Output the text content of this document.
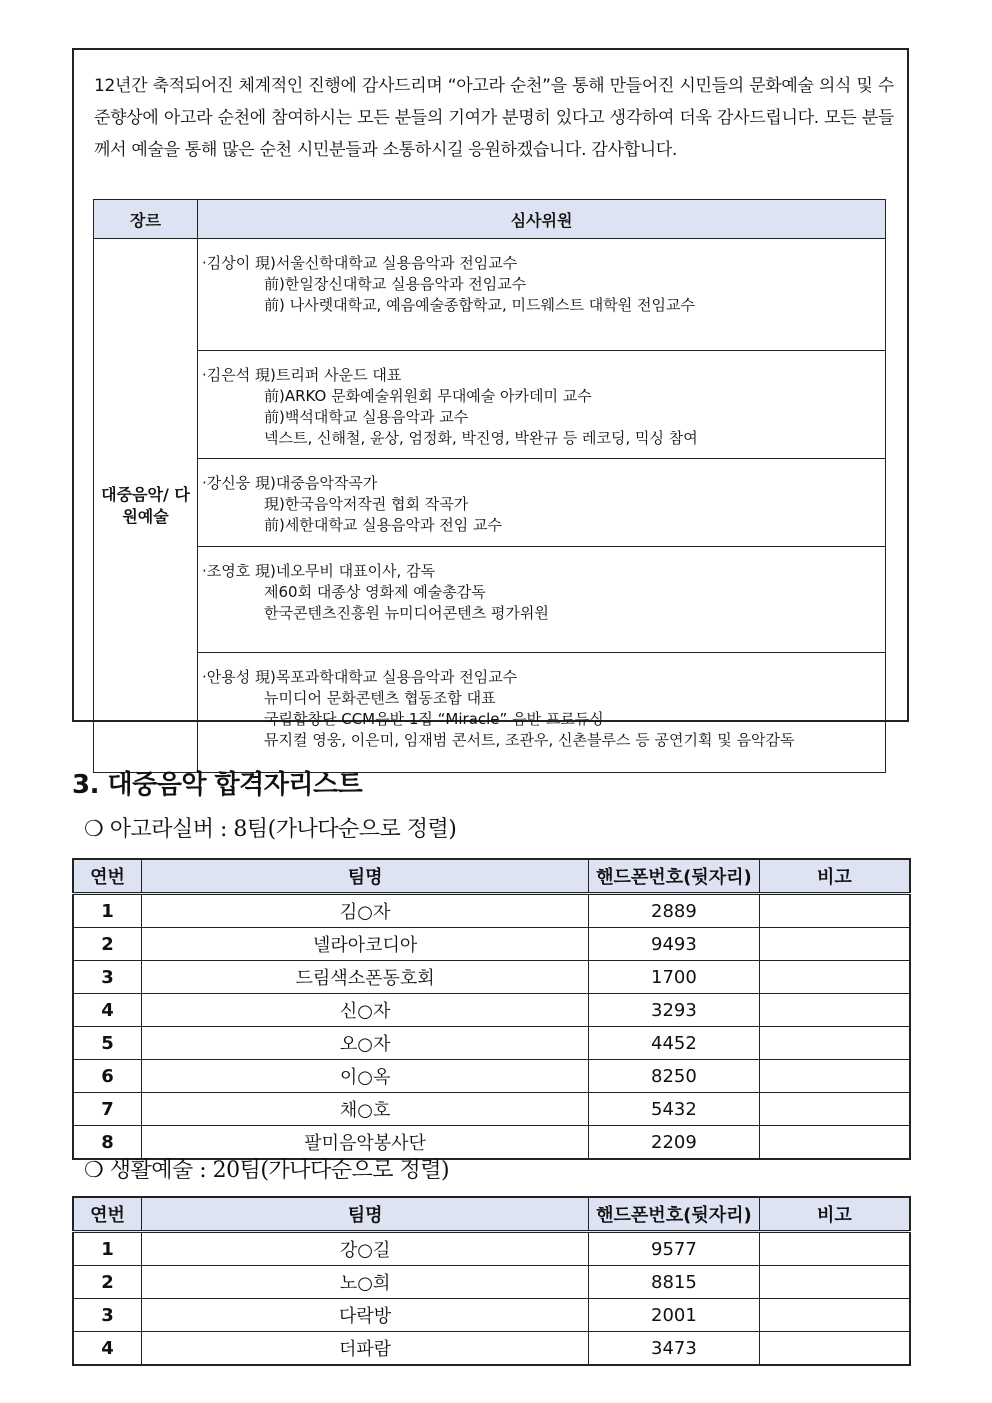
12년간 축적되어진 체계적인 진행에 감사드리며 “아고라 순천”을 통해 만들어진 시민들의 문화예술 의식 및 수준향상에 아고라 순천에 참여하시는 모든 분들의 기여가 분명히 있다고 생각하여 더욱 감사드립니다. 모든 분들께서 예술을 통해 많은 순천 시민분들과 소통하시길 응원하겠습니다. 감사합니다.
장르	심사위원
대중음악/ 다원예술	·김상이 現)서울신학대학교 실용음악과 전임교수
前)한일장신대학교 실용음악과 전임교수
前) 나사렛대학교, 예음예술종합학교, 미드웨스트 대학원 전임교수

	·김은석 現)트리퍼 사운드 대표
前)ARKO 문화예술위원회 무대예술 아카데미 교수
前)백석대학교 실용음악과 교수
넥스트, 신해철, 윤상, 엄정화, 박진영, 박완규 등 레코딩, 믹싱 참여

	·강신웅 現)대중음악작곡가
現)한국음악저작권 협회 작곡가
前)세한대학교 실용음악과 전임 교수

	·조영호 現)네오무비 대표이사, 감독
제60회 대종상 영화제 예술총감독
한국콘텐츠진흥원 뉴미디어콘텐츠 평가위원

	·안용성 現)목포과학대학교 실용음악과 전임교수
뉴미디어 문화콘텐츠 협동조합 대표
국립합창단 CCM음반 1집 “Miracle” 음반 프로듀싱
뮤지컬 영웅, 이은미, 임재범 콘서트, 조관우, 신촌블루스 등 공연기획 및 음악감독
3. 대중음악 합격자리스트
❍ 아고라실버 : 8팀(가나다순으로 정렬)
연번	팀명	핸드폰번호(뒷자리)	비고
1	김○자	2889	
2	넬라아코디아	9493	
3	드림색소폰동호회	1700	
4	신○자	3293	
5	오○자	4452	
6	이○옥	8250	
7	채○호	5432	
8	팔미음악봉사단	2209	
❍ 생활예술 : 20팀(가나다순으로 정렬)
연번	팀명	핸드폰번호(뒷자리)	비고
1	강○길	9577	
2	노○희	8815	
3	다락방	2001	
4	더파람	3473	
